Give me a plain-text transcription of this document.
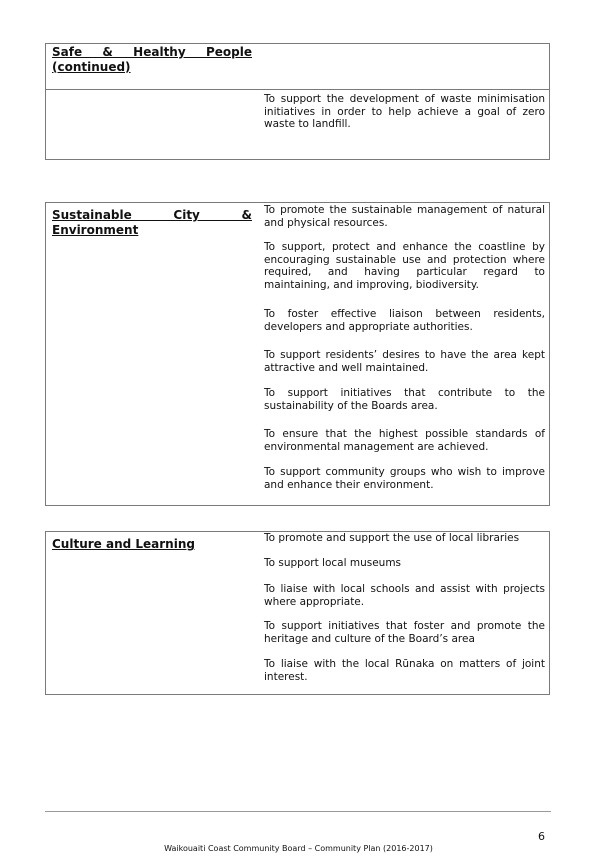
Safe & Healthy People (continued)

To support the development of waste minimisation initiatives in order to help achieve a goal of zero waste to landfill.

Sustainable City & Environment

To promote the sustainable management of natural and physical resources.

To support, protect and enhance the coastline by encouraging sustainable use and protection where required, and having particular regard to maintaining, and improving, biodiversity.

To foster effective liaison between residents, developers and appropriate authorities.

To support residents’ desires to have the area kept attractive and well maintained.

To support initiatives that contribute to the sustainability of the Boards area.

To ensure that the highest possible standards of environmental management are achieved.

To support community groups who wish to improve and enhance their environment.

Culture and Learning	To promote and support the use of local libraries

To support local museums

To liaise with local schools and assist with projects where appropriate.

To support initiatives that foster and promote the heritage and culture of the Board’s area

To liaise with the local Rūnaka on matters of joint interest.

6
Waikouaiti Coast Community Board – Community Plan (2016-2017)
